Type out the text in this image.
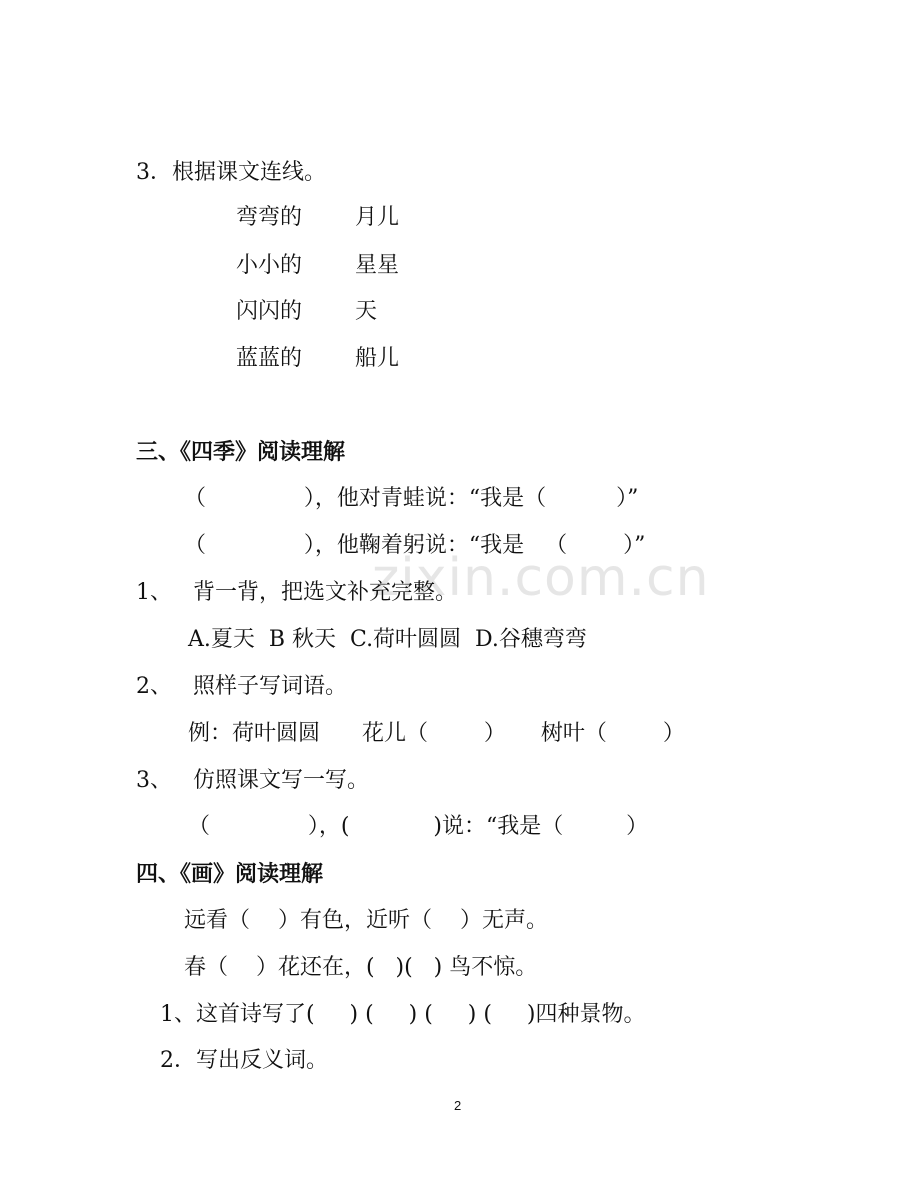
zixin.com.cn
3．根据课文连线。
弯弯的 月儿
小小的 星星
闪闪的 天
蓝蓝的 船儿
三、《四季》阅读理解
（              ），他对青蛙说：“我是（          ）”
（              ），他鞠着躬说：“我是   （        ）”
1、   背一背，把选文补充完整。
A.夏天  B 秋天  C.荷叶圆圆  D.谷穗弯弯
2、   照样子写词语。
例：荷叶圆圆      花儿（        ）     树叶（        ）
3、   仿照课文写一写。
（              ），(            )说：“我是（         ）
四、《画》阅读理解
远看（    ）有色，近听（    ）无声。
春（    ）花还在，(   )(   ) 鸟不惊。
1、这首诗写了(     ) (     ) (     ) (     )四种景物。
2．写出反义词。
2
